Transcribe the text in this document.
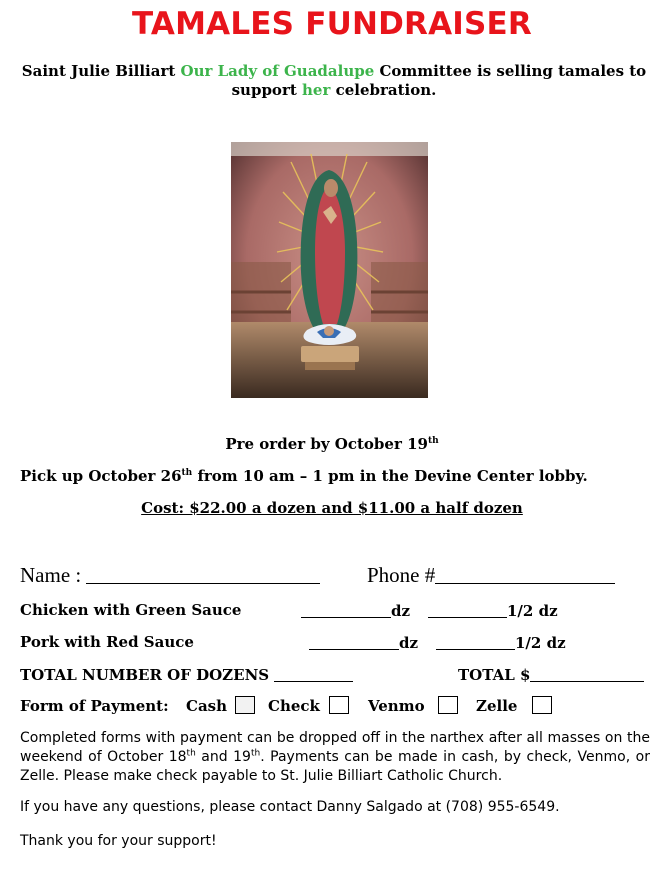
TAMALES FUNDRAISER
Saint Julie Billiart Our Lady of Guadalupe Committee is selling tamales to support her celebration.
Pre order by October 19th
Pick up October 26th from 10 am – 1 pm in the Devine Center lobby.
Cost: $22.00 a dozen and $11.00 a half dozen
Name :	Phone #
Chicken with Green Sauce	dz	1/2 dz
Pork with Red Sauce	dz	1/2 dz
TOTAL NUMBER OF DOZENS	TOTAL $
Form of Payment: Cash	Check	Venmo	Zelle
Completed forms with payment can be dropped off in the narthex after all masses on the weekend of October 18th and 19th. Payments can be made in cash, by check, Venmo, or Zelle. Please make check payable to St. Julie Billiart Catholic Church.
If you have any questions, please contact Danny Salgado at (708) 955-6549.
Thank you for your support!
